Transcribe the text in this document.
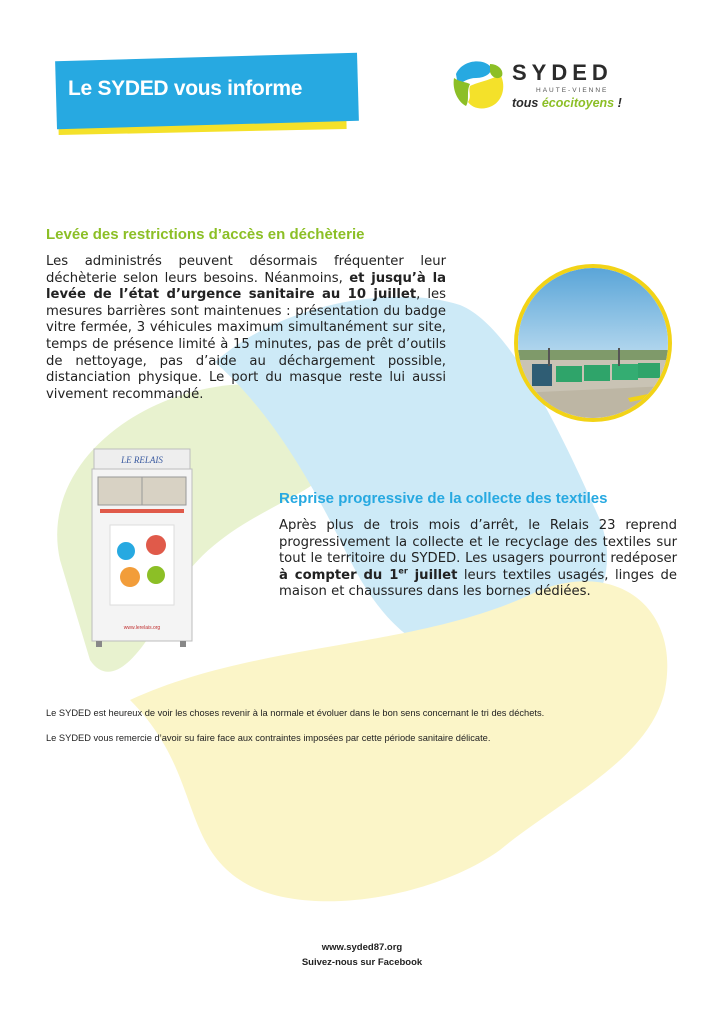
Le SYDED vous informe
SYDED
HAUTE-VIENNE
tous écocitoyens !
Levée des restrictions d’accès en déchèterie
Les administrés peuvent désormais fréquenter leur déchèterie selon leurs besoins. Néanmoins, et jusqu’à la levée de l’état d’urgence sanitaire au 10 juillet, les mesures barrières sont maintenues : présentation du badge vitre fermée, 3 véhicules maximum simultanément sur site, temps de présence limité à 15 minutes, pas de prêt d’outils de nettoyage, pas d’aide au déchargement possible, distanciation physique. Le port du masque reste lui aussi vivement recommandé.
LE RELAIS
www.lerelais.org
Reprise progressive de la collecte des textiles
Après plus de trois mois d’arrêt, le Relais 23 reprend progressivement la collecte et le recyclage des textiles sur tout le territoire du SYDED. Les usagers pourront redéposer à compter du 1er juillet leurs textiles usagés, linges de maison et chaussures dans les bornes dédiées.
Le SYDED est heureux de voir les choses revenir à la normale et évoluer dans le bon sens concernant le tri des déchets.
Le SYDED vous remercie d’avoir su faire face aux contraintes imposées par cette période sanitaire délicate.
www.syded87.org
Suivez-nous sur Facebook
